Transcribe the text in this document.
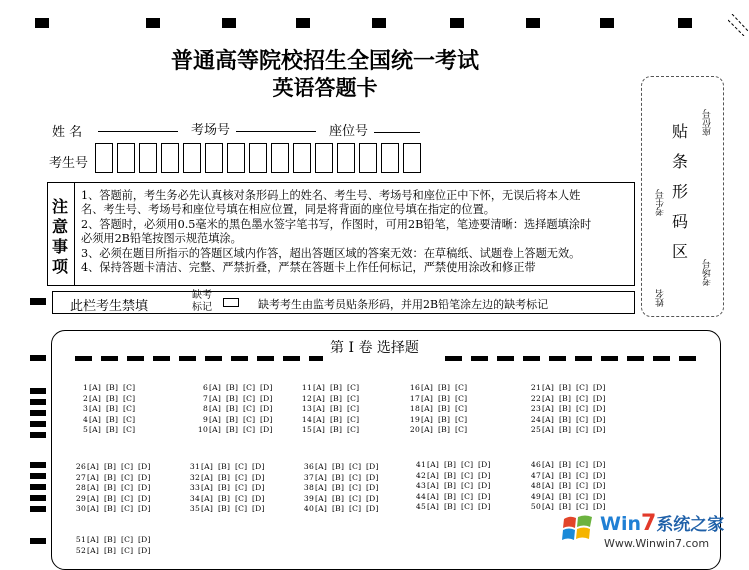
普通高等院校招生全国统一考试
英语答题卡
姓 名	考场号	座位号
考生号
注意事项
1、答题前，考生务必先认真核对条形码上的姓名、考生号、考场号和座位正中下怀，无误后将本人姓
名、考生号、考场号和座位号填在相应位置，同是将背面的座位号填在指定的位置。
2、答题时，必须用0.5毫米的黑色墨水签字笔书写，作图时，可用2B铅笔，笔迹要清晰：选择题填涂时
必须用2B铅笔按图示规范填涂。
3、必须在题目所指示的答题区域内作答，超出答题区域的答案无效：在草稿纸、试题卷上答题无效。
4、保持答题卡清洁、完整、严禁折叠，严禁在答题卡上作任何标记，严禁使用涂改和修正带
此栏考生禁填
缺考
标记	缺考考生由监考员贴条形码，并用2B铅笔涂左边的缺考标记
贴
条
形
码
区
座位号
考生号
考场号
姓名
第 Ⅰ 卷 选择题
1[A] [B] [C]
2[A] [B] [C]
3[A] [B] [C]
4[A] [B] [C]
5[A] [B] [C]
6[A] [B] [C] [D]
7[A] [B] [C] [D]
8[A] [B] [C] [D]
9[A] [B] [C] [D]
10[A] [B] [C] [D]
11[A] [B] [C]
12[A] [B] [C]
13[A] [B] [C]
14[A] [B] [C]
15[A] [B] [C]
16[A] [B] [C]
17[A] [B] [C]
18[A] [B] [C]
19[A] [B] [C]
20[A] [B] [C]
21[A] [B] [C] [D]
22[A] [B] [C] [D]
23[A] [B] [C] [D]
24[A] [B] [C] [D]
25[A] [B] [C] [D]
26[A] [B] [C] [D]
27[A] [B] [C] [D]
28[A] [B] [C] [D]
29[A] [B] [C] [D]
30[A] [B] [C] [D]
31[A] [B] [C] [D]
32[A] [B] [C] [D]
33[A] [B] [C] [D]
34[A] [B] [C] [D]
35[A] [B] [C] [D]
36[A] [B] [C] [D]
37[A] [B] [C] [D]
38[A] [B] [C] [D]
39[A] [B] [C] [D]
40[A] [B] [C] [D]
41[A] [B] [C] [D]
42[A] [B] [C] [D]
43[A] [B] [C] [D]
44[A] [B] [C] [D]
45[A] [B] [C] [D]
46[A] [B] [C] [D]
47[A] [B] [C] [D]
48[A] [B] [C] [D]
49[A] [B] [C] [D]
50[A] [B] [C] [D]
51[A] [B] [C] [D]
52[A] [B] [C] [D]
Win7系统之家
Www.Winwin7.com
